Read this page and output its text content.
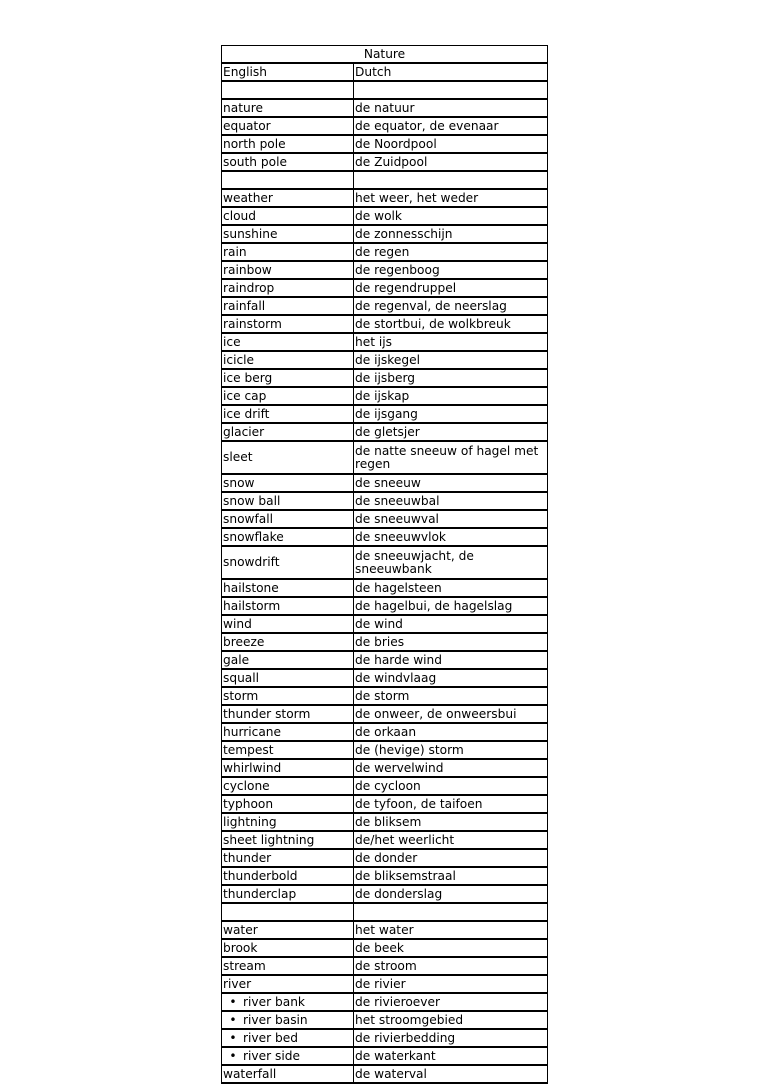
Nature	
English	Dutch

nature	de natuur
equator	de equator, de evenaar
north pole	de Noordpool
south pole	de Zuidpool

weather	het weer, het weder
cloud	de wolk
sunshine	de zonnesschijn
rain	de regen
rainbow	de regenboog
raindrop	de regendruppel
rainfall	de regenval, de neerslag
rainstorm	de stortbui, de wolkbreuk
ice	het ijs
icicle	de ijskegel
ice berg	de ijsberg
ice cap	de ijskap
ice drift	de ijsgang
glacier	de gletsjer
sleet	de natte sneeuw of hagel met regen
snow	de sneeuw
snow ball	de sneeuwbal
snowfall	de sneeuwval
snowflake	de sneeuwvlok
snowdrift	de sneeuwjacht, de sneeuwbank
hailstone	de hagelsteen
hailstorm	de hagelbui, de hagelslag
wind	de wind
breeze	de bries
gale	de harde wind
squall	de windvlaag
storm	de storm
thunder storm	de onweer, de onweersbui
hurricane	de orkaan
tempest	de (hevige) storm
whirlwind	de wervelwind
cyclone	de cycloon
typhoon	de tyfoon, de taifoen
lightning	de bliksem
sheet lightning	de/het weerlicht
thunder	de donder
thunderbold	de bliksemstraal
thunderclap	de donderslag

water	het water
brook	de beek
stream	de stroom
river	de rivier
• river bank	de rivieroever
• river basin	het stroomgebied
• river bed	de rivierbedding
• river side	de waterkant
waterfall	de waterval
